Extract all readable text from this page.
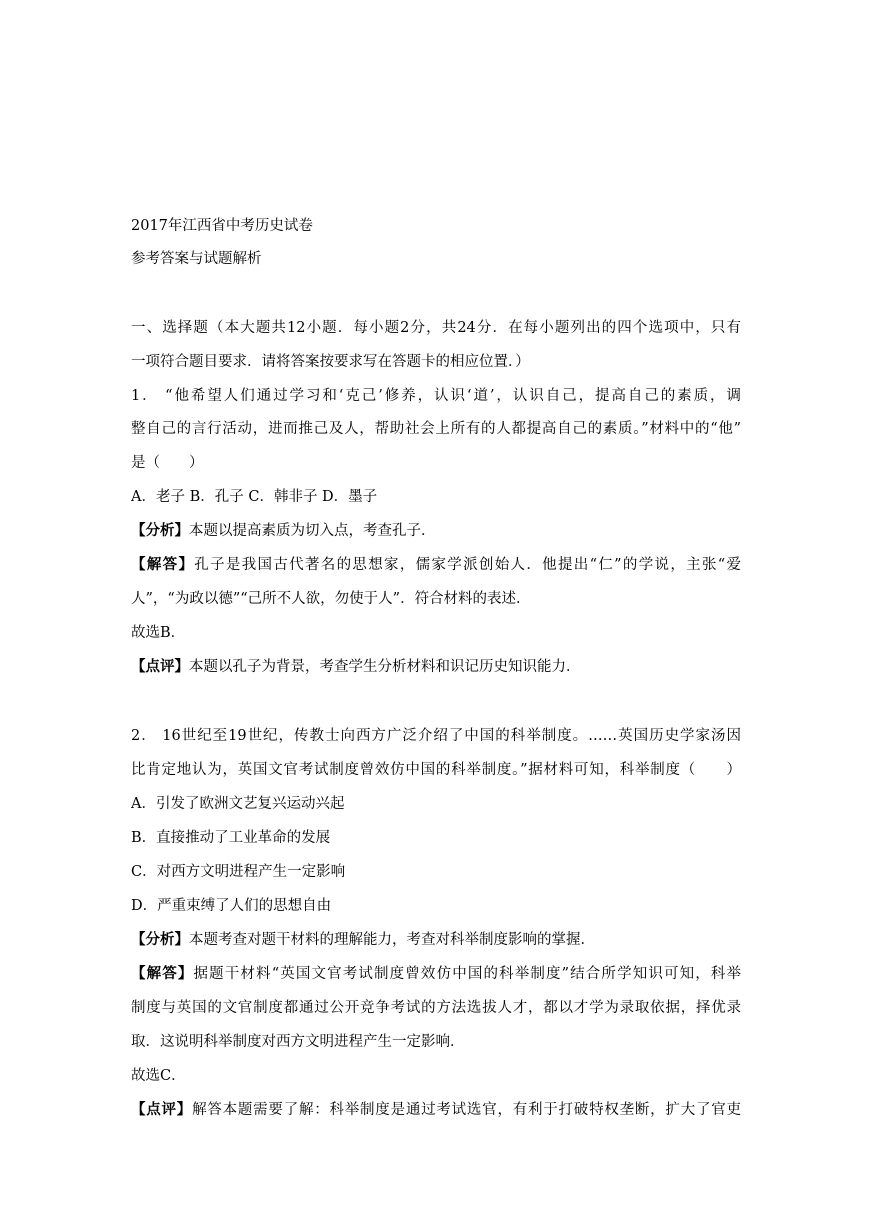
2017年江西省中考历史试卷
参考答案与试题解析
一、选择题（本大题共12小题．每小题2分，共24分．在每小题列出的四个选项中，只有
一项符合题目要求．请将答案按要求写在答题卡的相应位置．）
1． “他希望人们通过学习和‘克己’修养，认识‘道’，认识自己，提高自己的素质，调
整自己的言行活动，进而推己及人，帮助社会上所有的人都提高自己的素质。”材料中的“他”
是（　　）
A．老子 B．孔子 C．韩非子 D．墨子
【分析】本题以提高素质为切入点，考查孔子．
【解答】孔子是我国古代著名的思想家，儒家学派创始人．他提出“仁”的学说，主张“爱
人”，“为政以德”“己所不人欲，勿使于人”．符合材料的表述．
故选B．
【点评】本题以孔子为背景，考查学生分析材料和识记历史知识能力．
2． 16世纪至19世纪，传教士向西方广泛介绍了中国的科举制度。……英国历史学家汤因
比肯定地认为，英国文官考试制度曾效仿中国的科举制度。”据材料可知，科举制度（　　）
A．引发了欧洲文艺复兴运动兴起
B．直接推动了工业革命的发展
C．对西方文明进程产生一定影响
D．严重束缚了人们的思想自由
【分析】本题考查对题干材料的理解能力，考查对科举制度影响的掌握．
【解答】据题干材料“英国文官考试制度曾效仿中国的科举制度”结合所学知识可知，科举
制度与英国的文官制度都通过公开竞争考试的方法选拔人才，都以才学为录取依据，择优录
取．这说明科举制度对西方文明进程产生一定影响．
故选C．
【点评】解答本题需要了解：科举制度是通过考试选官，有利于打破特权垄断，扩大了官吏
